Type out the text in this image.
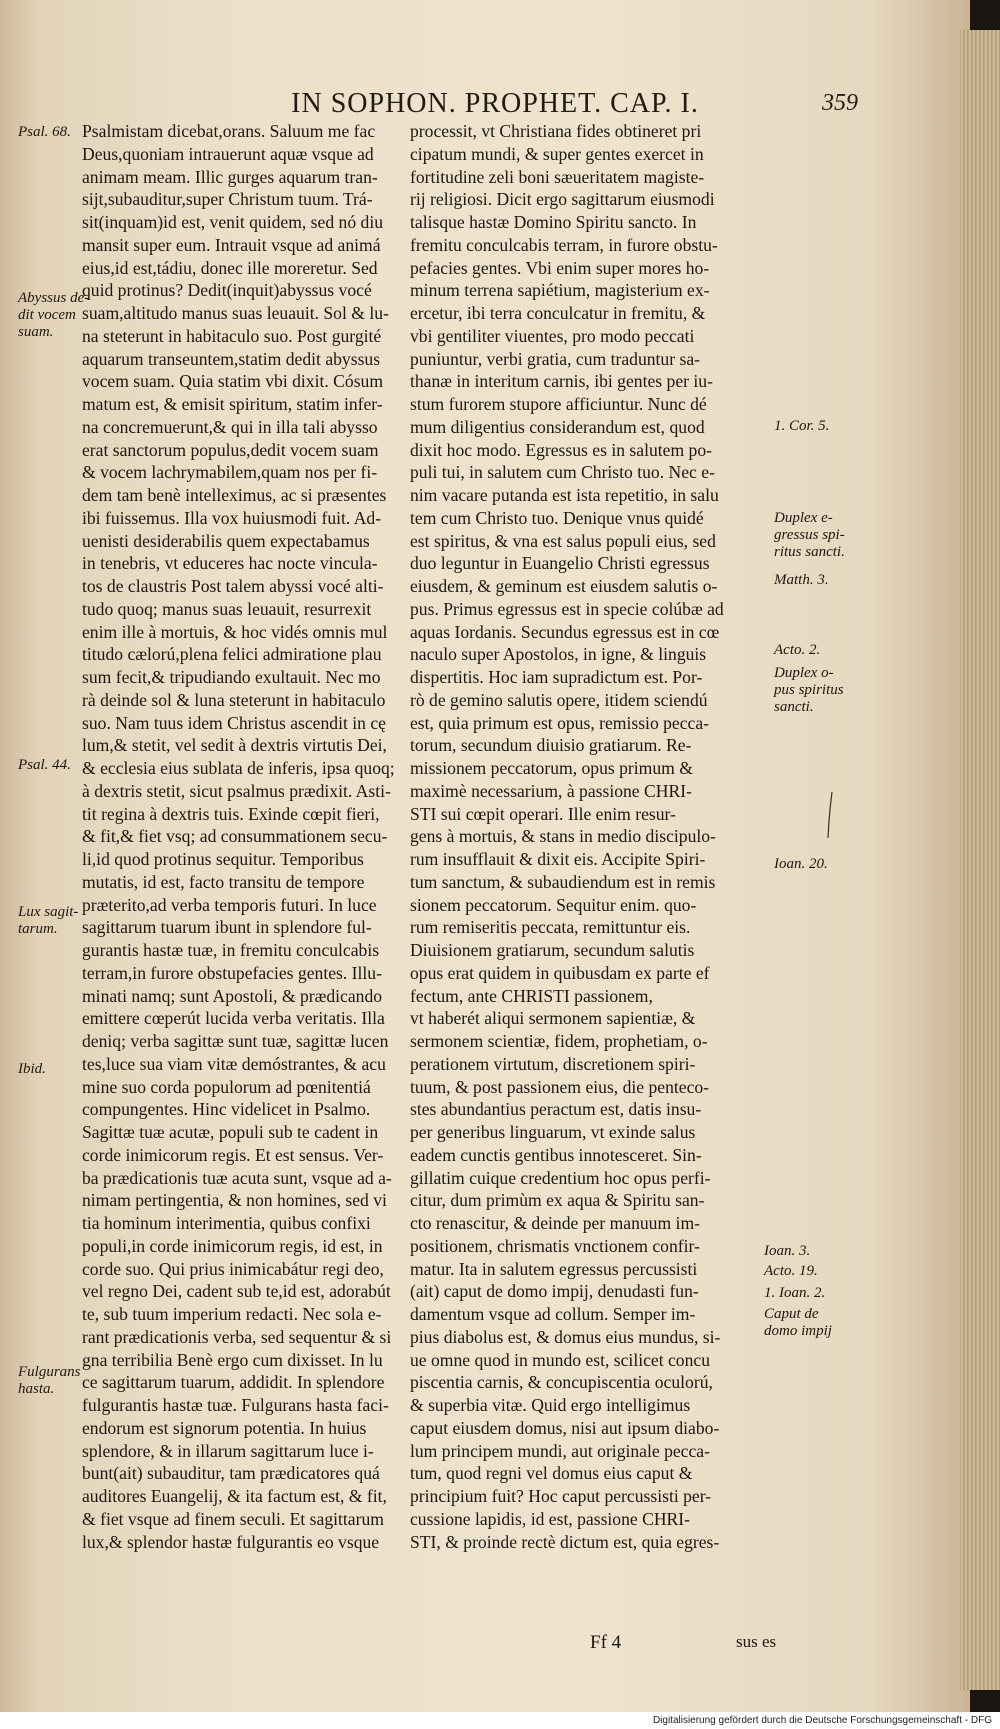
IN SOPHON. PROPHET. CAP. I.	359
Psalmistam dicebat,orans. Saluum me fac
Deus,quoniam intrauerunt aquæ vsque ad
animam meam. Illic gurges aquarum tran-
sijt,subauditur,super Christum tuum. Trá-
sit(inquam)id est, venit quidem, sed nó diu
mansit super eum. Intrauit vsque ad animá
eius,id est,tádiu, donec ille moreretur. Sed
quid protinus? Dedit(inquit)abyssus vocé
suam,altitudo manus suas leuauit. Sol & lu-
na steterunt in habitaculo suo. Post gurgité
aquarum transeuntem,statim dedit abyssus
vocem suam. Quia statim vbi dixit. Cósum
matum est, & emisit spiritum, statim infer-
na concremuerunt,& qui in illa tali abysso
erat sanctorum populus,dedit vocem suam
& vocem lachrymabilem,quam nos per fi-
dem tam benè intelleximus, ac si præsentes
ibi fuissemus. Illa vox huiusmodi fuit. Ad-
uenisti desiderabilis quem expectabamus
in tenebris, vt educeres hac nocte vincula-
tos de claustris Post talem abyssi vocé alti-
tudo quoq; manus suas leuauit, resurrexit
enim ille à mortuis, & hoc vidés omnis mul
titudo cælorú,plena felici admiratione plau
sum fecit,& tripudiando exultauit. Nec mo
rà deinde sol & luna steterunt in habitaculo
suo. Nam tuus idem Christus ascendit in cę
lum,& stetit, vel sedit à dextris virtutis Dei,
& ecclesia eius sublata de inferis, ipsa quoq;
à dextris stetit, sicut psalmus prædixit. Asti-
tit regina à dextris tuis. Exinde cœpit fieri,
& fit,& fiet vsq; ad consummationem secu-
li,id quod protinus sequitur. Temporibus
mutatis, id est, facto transitu de tempore
præterito,ad verba temporis futuri. In luce
sagittarum tuarum ibunt in splendore ful-
gurantis hastæ tuæ, in fremitu conculcabis
terram,in furore obstupefacies gentes. Illu-
minati namq; sunt Apostoli, & prædicando
emittere cœperút lucida verba veritatis. Illa
deniq; verba sagittæ sunt tuæ, sagittæ lucen
tes,luce sua viam vitæ demóstrantes, & acu
mine suo corda populorum ad pœnitentiá
compungentes. Hinc videlicet in Psalmo.
Sagittæ tuæ acutæ, populi sub te cadent in
corde inimicorum regis. Et est sensus. Ver-
ba prædicationis tuæ acuta sunt, vsque ad a-
nimam pertingentia, & non homines, sed vi
tia hominum interimentia, quibus confixi
populi,in corde inimicorum regis, id est, in
corde suo. Qui prius inimicabátur regi deo,
vel regno Dei, cadent sub te,id est, adorabút
te, sub tuum imperium redacti. Nec sola e-
rant prædicationis verba, sed sequentur & si
gna terribilia Benè ergo cum dixisset. In lu
ce sagittarum tuarum, addidit. In splendore
fulgurantis hastæ tuæ. Fulgurans hasta faci-
endorum est signorum potentia. In huius
splendore, & in illarum sagittarum luce i-
bunt(ait) subauditur, tam prædicatores quá
auditores Euangelij, & ita factum est, & fit,
& fiet vsque ad finem seculi. Et sagittarum
lux,& splendor hastæ fulgurantis eo vsque
processit, vt Christiana fides obtineret pri
cipatum mundi, & super gentes exercet in
fortitudine zeli boni sæueritatem magiste-
rij religiosi. Dicit ergo sagittarum eiusmodi
talisque hastæ Domino Spiritu sancto. In
fremitu conculcabis terram, in furore obstu-
pefacies gentes. Vbi enim super mores ho-
minum terrena sapiétium, magisterium ex-
ercetur, ibi terra conculcatur in fremitu, &
vbi gentiliter viuentes, pro modo peccati
puniuntur, verbi gratia, cum traduntur sa-
thanæ in interitum carnis, ibi gentes per iu-
stum furorem stupore afficiuntur. Nunc dé
mum diligentius considerandum est, quod
dixit hoc modo. Egressus es in salutem po-
puli tui, in salutem cum Christo tuo. Nec e-
nim vacare putanda est ista repetitio, in salu
tem cum Christo tuo. Denique vnus quidé
est spiritus, & vna est salus populi eius, sed
duo leguntur in Euangelio Christi egressus
eiusdem, & geminum est eiusdem salutis o-
pus. Primus egressus est in specie colúbæ ad
aquas Iordanis. Secundus egressus est in cœ
naculo super Apostolos, in igne, & linguis
dispertitis. Hoc iam supradictum est. Por-
rò de gemino salutis opere, itidem sciendú
est, quia primum est opus, remissio pecca-
torum, secundum diuisio gratiarum. Re-
missionem peccatorum, opus primum &
maximè necessarium, à passione CHRI-
STI sui cœpit operari. Ille enim resur-
gens à mortuis, & stans in medio discipulo-
rum insufflauit & dixit eis. Accipite Spiri-
tum sanctum, & subaudiendum est in remis
sionem peccatorum. Sequitur enim. quo-
rum remiseritis peccata, remittuntur eis.
Diuisionem gratiarum, secundum salutis
opus erat quidem in quibusdam ex parte ef
fectum, ante CHRISTI passionem,
vt haberét aliqui sermonem sapientiæ, &
sermonem scientiæ, fidem, prophetiam, o-
perationem virtutum, discretionem spiri-
tuum, & post passionem eius, die penteco-
stes abundantius peractum est, datis insu-
per generibus linguarum, vt exinde salus
eadem cunctis gentibus innotesceret. Sin-
gillatim cuique credentium hoc opus perfi-
citur, dum primùm ex aqua & Spiritu san-
cto renascitur, & deinde per manuum im-
positionem, chrismatis vnctionem confir-
matur. Ita in salutem egressus percussisti
(ait) caput de domo impij, denudasti fun-
damentum vsque ad collum. Semper im-
pius diabolus est, & domus eius mundus, si-
ue omne quod in mundo est, scilicet concu
piscentia carnis, & concupiscentia oculorú,
& superbia vitæ. Quid ergo intelligimus
caput eiusdem domus, nisi aut ipsum diabo-
lum principem mundi, aut originale pecca-
tum, quod regni vel domus eius caput &
principium fuit? Hoc caput percussisti per-
cussione lapidis, id est, passione CHRI-
STI, & proinde rectè dictum est, quia egres-
Psal. 68.
Abyssus de-
dit vocem
suam.
Psal. 44.
Lux sagit-
tarum.
Ibid.
Fulgurans
hasta.
1. Cor. 5.
Duplex e-
gressus spi-
ritus sancti.
Matth. 3.
Acto. 2.
Duplex o-
pus spiritus
sancti.
Ioan. 20.
Ioan. 3.
Acto. 19.
1. Ioan. 2.
Caput de
domo impij
Ff 4	sus es
Digitalisierung gefördert durch die Deutsche Forschungsgemeinschaft - DFG
